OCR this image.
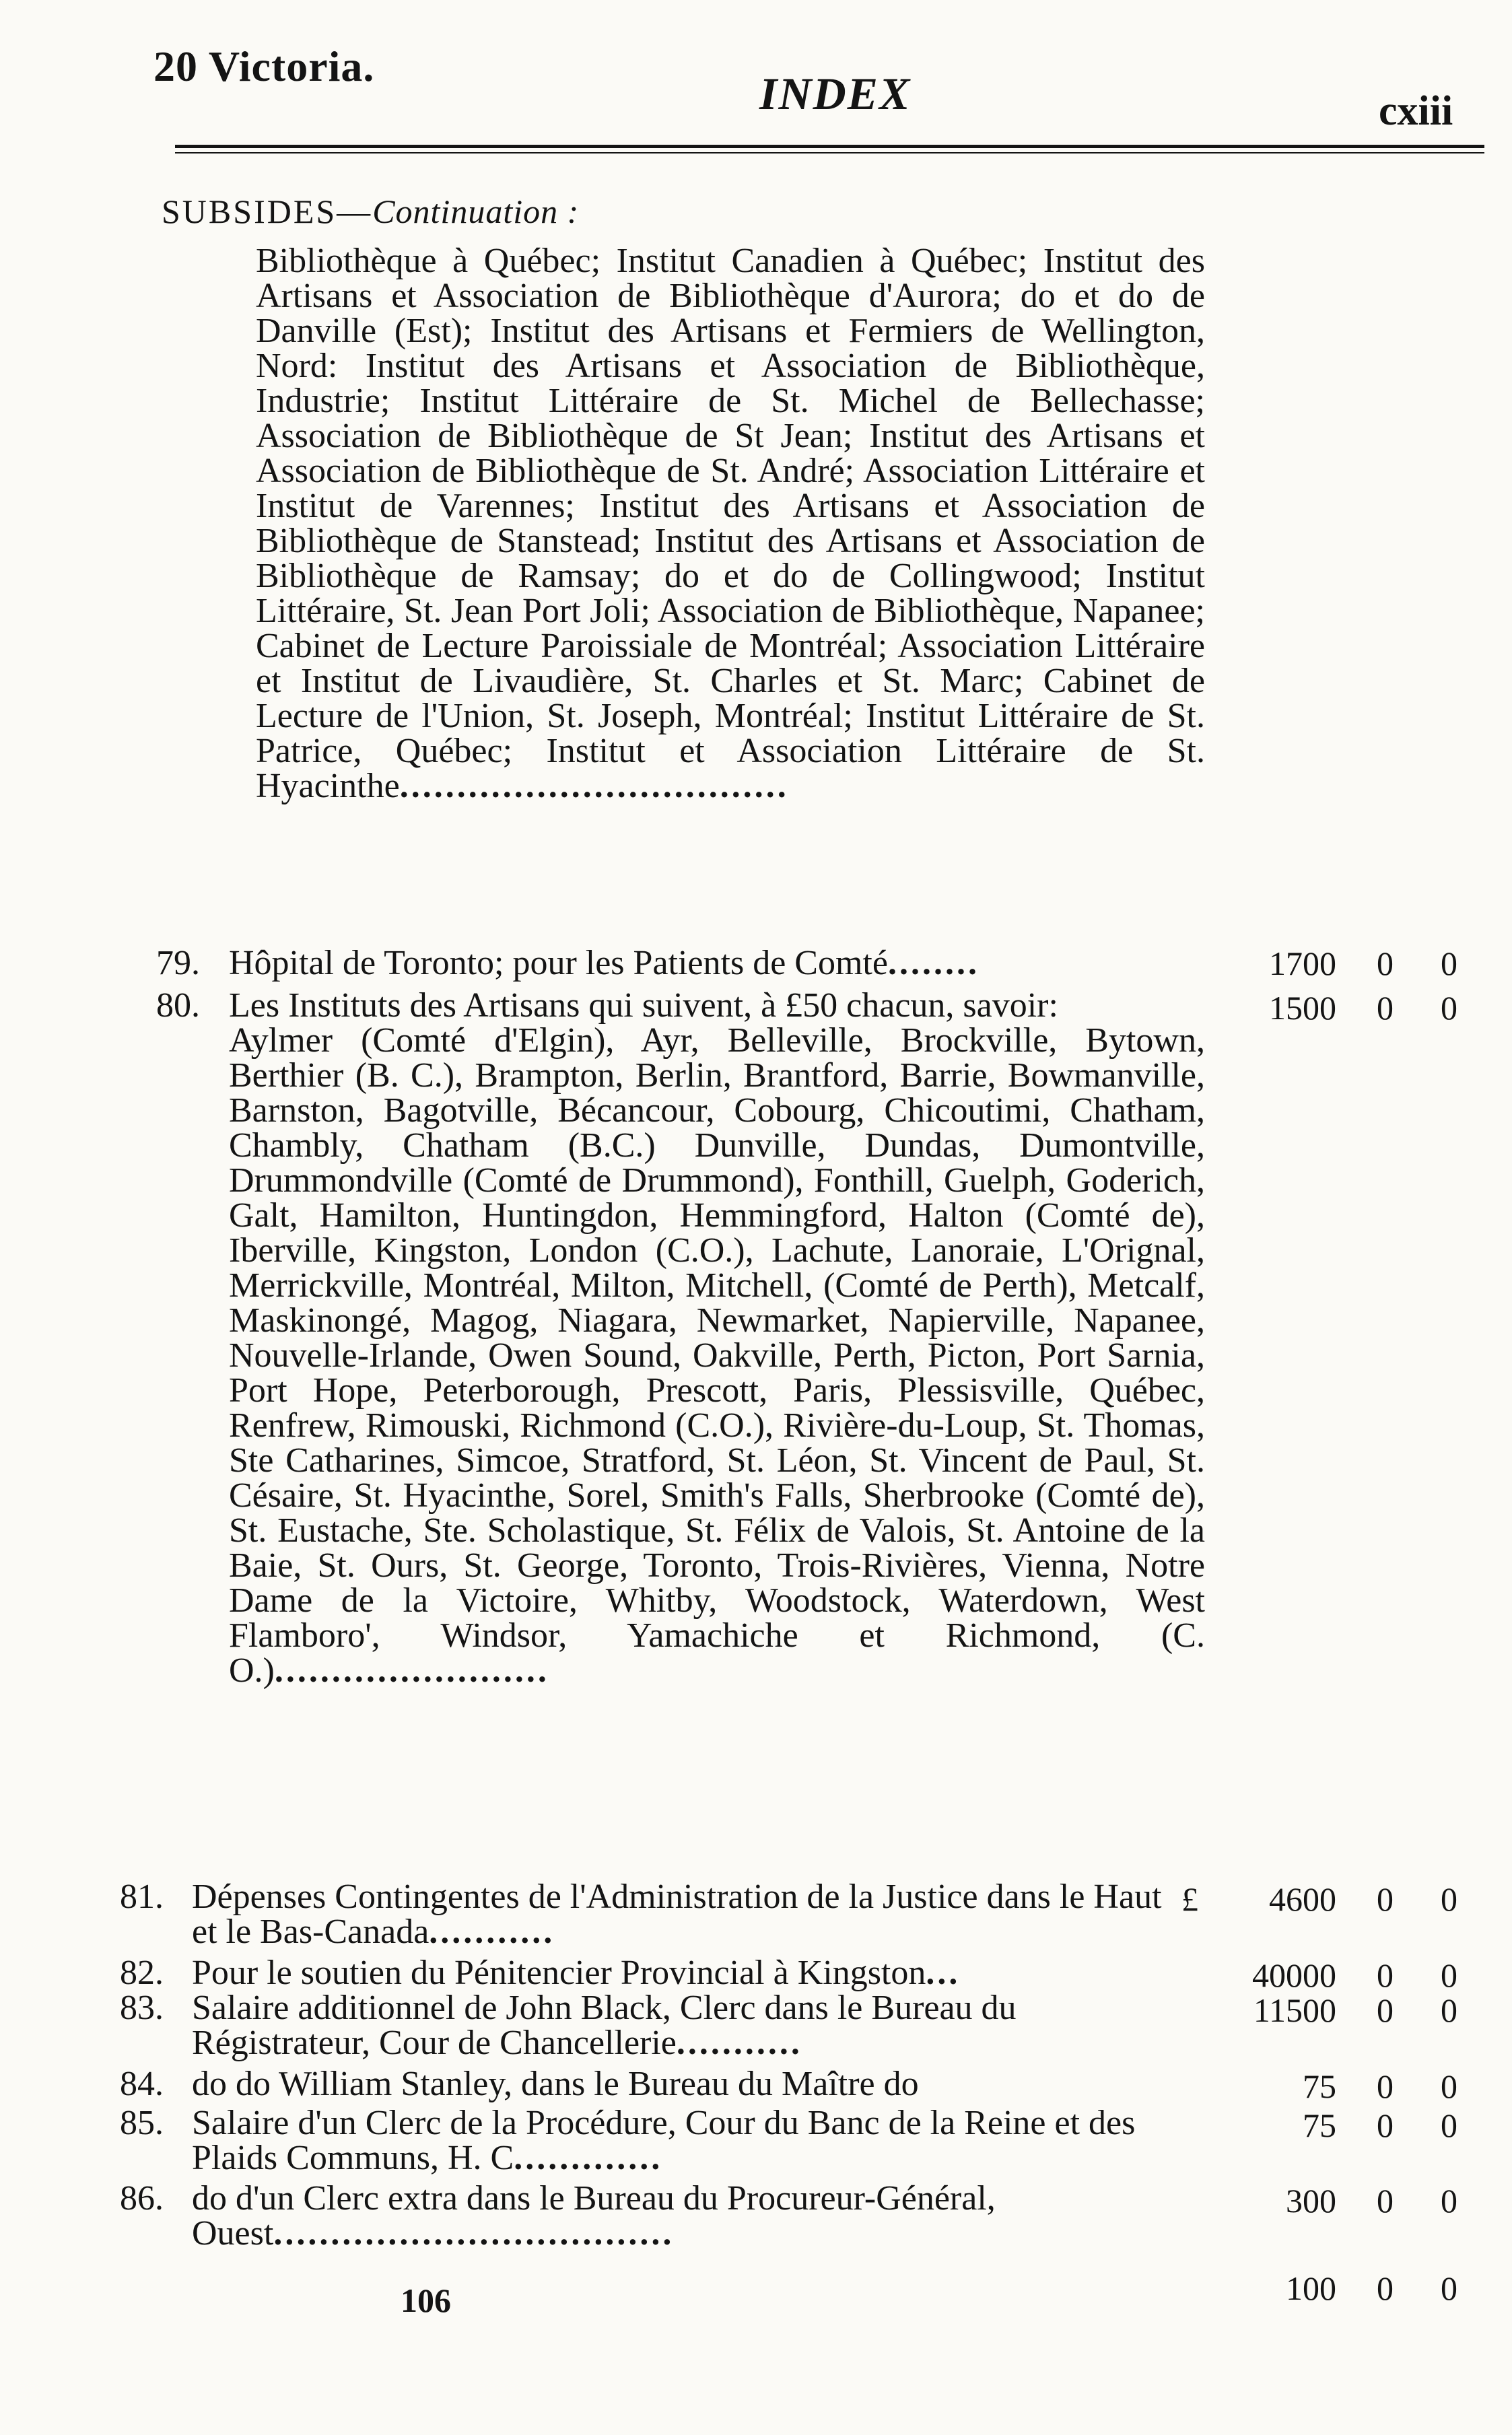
20 Victoria.
INDEX	cxiii
SUBSIDES—Continuation :

Bibliothèque à Québec; Institut Canadien à Québec; Institut des Artisans et Association de Bibliothèque d'Aurora; do et do de Danville (Est); Institut des Artisans et Fermiers de Wellington, Nord: Institut des Artisans et Association de Bibliothèque, Industrie; Institut Littéraire de St. Michel de Bellechasse; Association de Bibliothèque de St Jean; Institut des Artisans et Association de Bibliothèque de St. André; Association Littéraire et Institut de Varennes; Institut des Artisans et Association de Bibliothèque de Stanstead; Institut des Artisans et Association de Bibliothèque de Ramsay; do et do de Collingwood; Institut Littéraire, St. Jean Port Joli; Association de Bibliothèque, Napanee; Cabinet de Lecture Paroissiale de Montréal; Association Littéraire et Institut de Livaudière, St. Charles et St. Marc; Cabinet de Lecture de l'Union, St. Joseph, Montréal; Institut Littéraire de St. Patrice, Québec; Institut et Association Littéraire de St. Hyacinthe..................................

79. Hôpital de Toronto; pour les Patients de Comté........

80. Les Instituts des Artisans qui suivent, à £50 chacun, savoir:

Aylmer (Comté d'Elgin), Ayr, Belleville, Brockville, Bytown, Berthier (B. C.), Brampton, Berlin, Brantford, Barrie, Bowmanville, Barnston, Bagotville, Bécancour, Cobourg, Chicoutimi, Chatham, Chambly, Chatham (B.C.) Dunville, Dundas, Dumontville, Drummondville (Comté de Drummond), Fonthill, Guelph, Goderich, Galt, Hamilton, Huntingdon, Hemmingford, Halton (Comté de), Iberville, Kingston, London (C.O.), Lachute, Lanoraie, L'Orignal, Merrickville, Montréal, Milton, Mitchell, (Comté de Perth), Metcalf, Maskinongé, Magog, Niagara, Newmarket, Napierville, Napanee, Nouvelle-Irlande, Owen Sound, Oakville, Perth, Picton, Port Sarnia, Port Hope, Peterborough, Prescott, Paris, Plessisville, Québec, Renfrew, Rimouski, Richmond (C.O.), Rivière-du-Loup, St. Thomas, Ste Catharines, Simcoe, Stratford, St. Léon, St. Vincent de Paul, St. Césaire, St. Hyacinthe, Sorel, Smith's Falls, Sherbrooke (Comté de), St. Eustache, Ste. Scholastique, St. Félix de Valois, St. Antoine de la Baie, St. Ours, St. George, Toronto, Trois-Rivières, Vienna, Notre Dame de la Victoire, Whitby, Woodstock, Waterdown, West Flamboro', Windsor, Yamachiche et Richmond, (C. O.)........................

81. Dépenses Contingentes de l'Administration de la Justice dans le Haut et le Bas-Canada...........

82. Pour le soutien du Pénitencier Provincial à Kingston...

83. Salaire additionnel de John Black, Clerc dans le Bureau du Régistrateur, Cour de Chancellerie...........

84. do do William Stanley, dans le Bureau du Maître do

85. Salaire d'un Clerc de la Procédure, Cour du Banc de la Reine et des Plaids Communs, H. C.............

86. do d'un Clerc extra dans le Bureau du Procureur-Général, Ouest...................................

1700 0 0
1500 0 0
£ 4600 0 0
40000 0 0
11500 0 0
75 0 0
75 0 0
300 0 0
100 0 0
106
